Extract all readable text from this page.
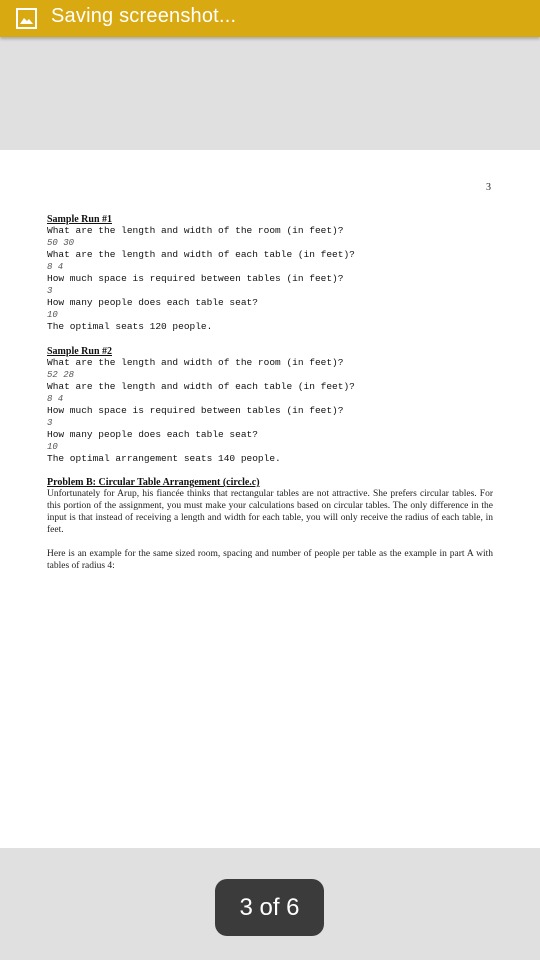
Saving screenshot...
3
Sample Run #1
What are the length and width of the room (in feet)?
50 30
What are the length and width of each table (in feet)?
8 4
How much space is required between tables (in feet)?
3
How many people does each table seat?
10
The optimal seats 120 people.
Sample Run #2
What are the length and width of the room (in feet)?
52 28
What are the length and width of each table (in feet)?
8 4
How much space is required between tables (in feet)?
3
How many people does each table seat?
10
The optimal arrangement seats 140 people.
Problem B: Circular Table Arrangement (circle.c)
Unfortunately for Arup, his fiancée thinks that rectangular tables are not attractive. She prefers circular tables. For this portion of the assignment, you must make your calculations based on circular tables. The only difference in the input is that instead of receiving a length and width for each table, you will only receive the radius of each table, in feet.
Here is an example for the same sized room, spacing and number of people per table as the example in part A with tables of radius 4:
3 of 6
